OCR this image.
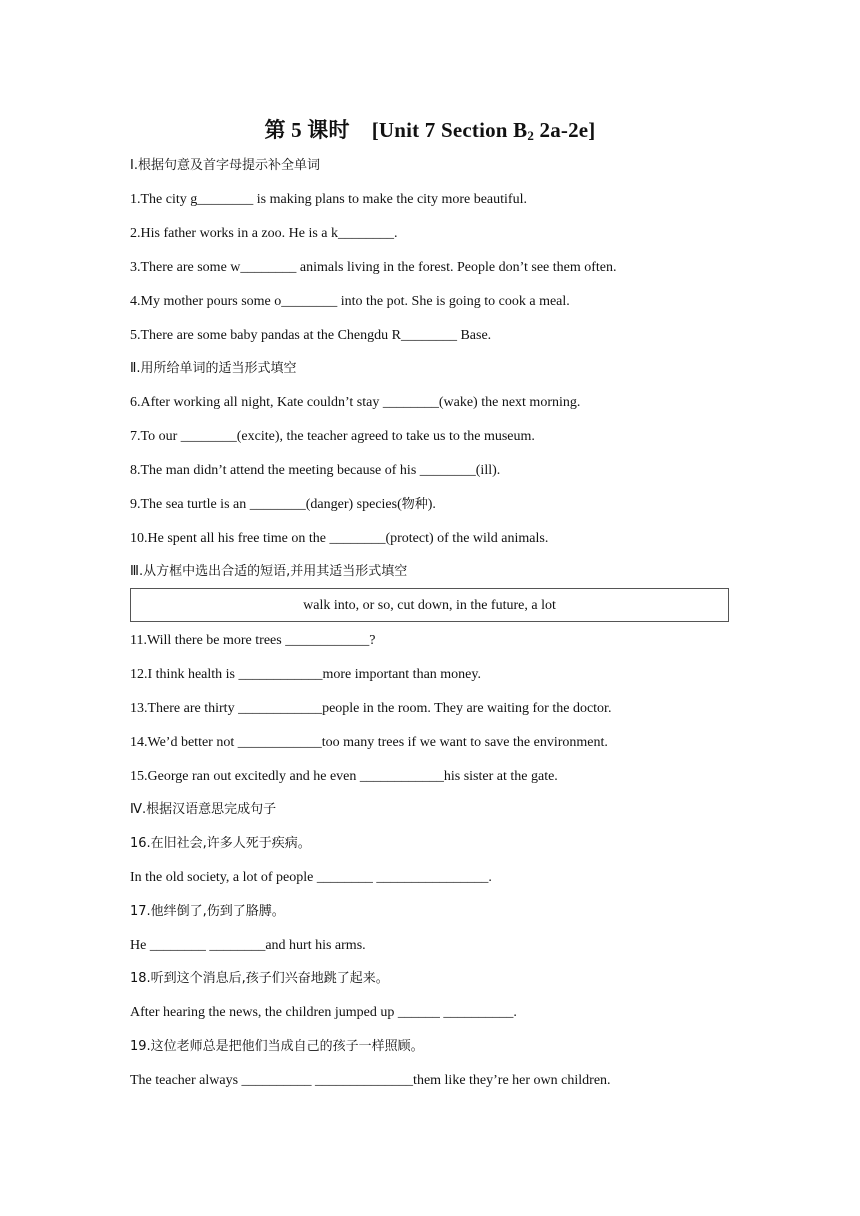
第 5 课时 [Unit 7 Section $B_2$ 2a-2e]
Ⅰ.根据句意及首字母提示补全单词
1.The city g________ is making plans to make the city more beautiful.
2.His father works in a zoo. He is a k________.
3.There are some w________ animals living in the forest. People don’t see them often.
4.My mother pours some o________ into the pot. She is going to cook a meal.
5.There are some baby pandas at the Chengdu R________ Base.
Ⅱ.用所给单词的适当形式填空
6.After working all night, Kate couldn’t stay ________(wake) the next morning.
7.To our ________(excite), the teacher agreed to take us to the museum.
8.The man didn’t attend the meeting because of his ________(ill).
9.The sea turtle is an ________(danger) species(物种).
10.He spent all his free time on the ________(protect) of the wild animals.
Ⅲ.从方框中选出合适的短语,并用其适当形式填空
walk into, or so, cut down, in the future, a lot
11.Will there be more trees ____________?
12.I think health is ____________more important than money.
13.There are thirty ____________people in the room. They are waiting for the doctor.
14.We’d better not ____________too many trees if we want to save the environment.
15.George ran out excitedly and he even ____________his sister at the gate.
Ⅳ.根据汉语意思完成句子
16.在旧社会,许多人死于疾病。
In the old society, a lot of people ________ ________________.
17.他绊倒了,伤到了胳膊。
He ________ ________and hurt his arms.
18.听到这个消息后,孩子们兴奋地跳了起来。
After hearing the news, the children jumped up ______ __________.
19.这位老师总是把他们当成自己的孩子一样照顾。
The teacher always __________ ______________them like they’re her own children.
